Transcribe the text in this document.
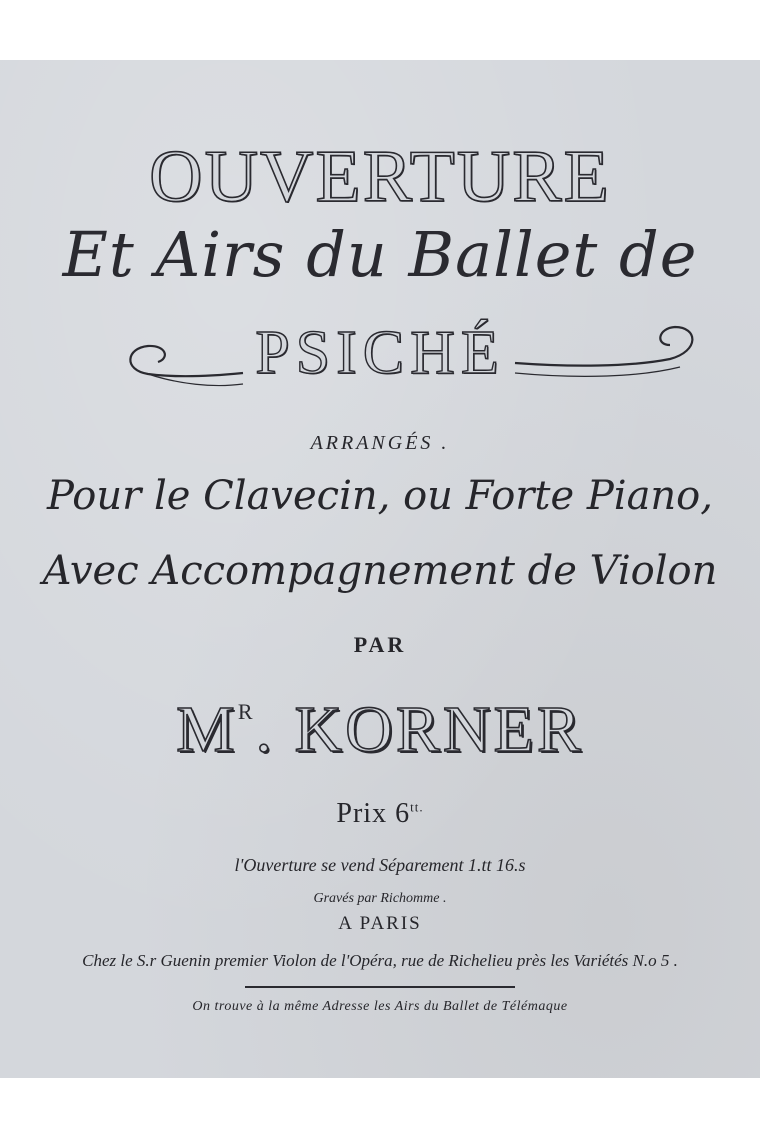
OUVERTURE
Et Airs du Ballet de
PSICHÉ
ARRANGÉS .
Pour le Clavecin, ou Forte Piano,
Avec Accompagnement de Violon
PAR
$M^R$. KORNER
Prix $6^{tt.}$
l'Ouverture se vend Séparement 1.tt 16.s
Gravés par Richomme .
A PARIS
Chez le S.r Guenin premier Violon de l'Opéra, rue de Richelieu près les Variétés N.o 5 .
On trouve à la même Adresse les Airs du Ballet de Télémaque
